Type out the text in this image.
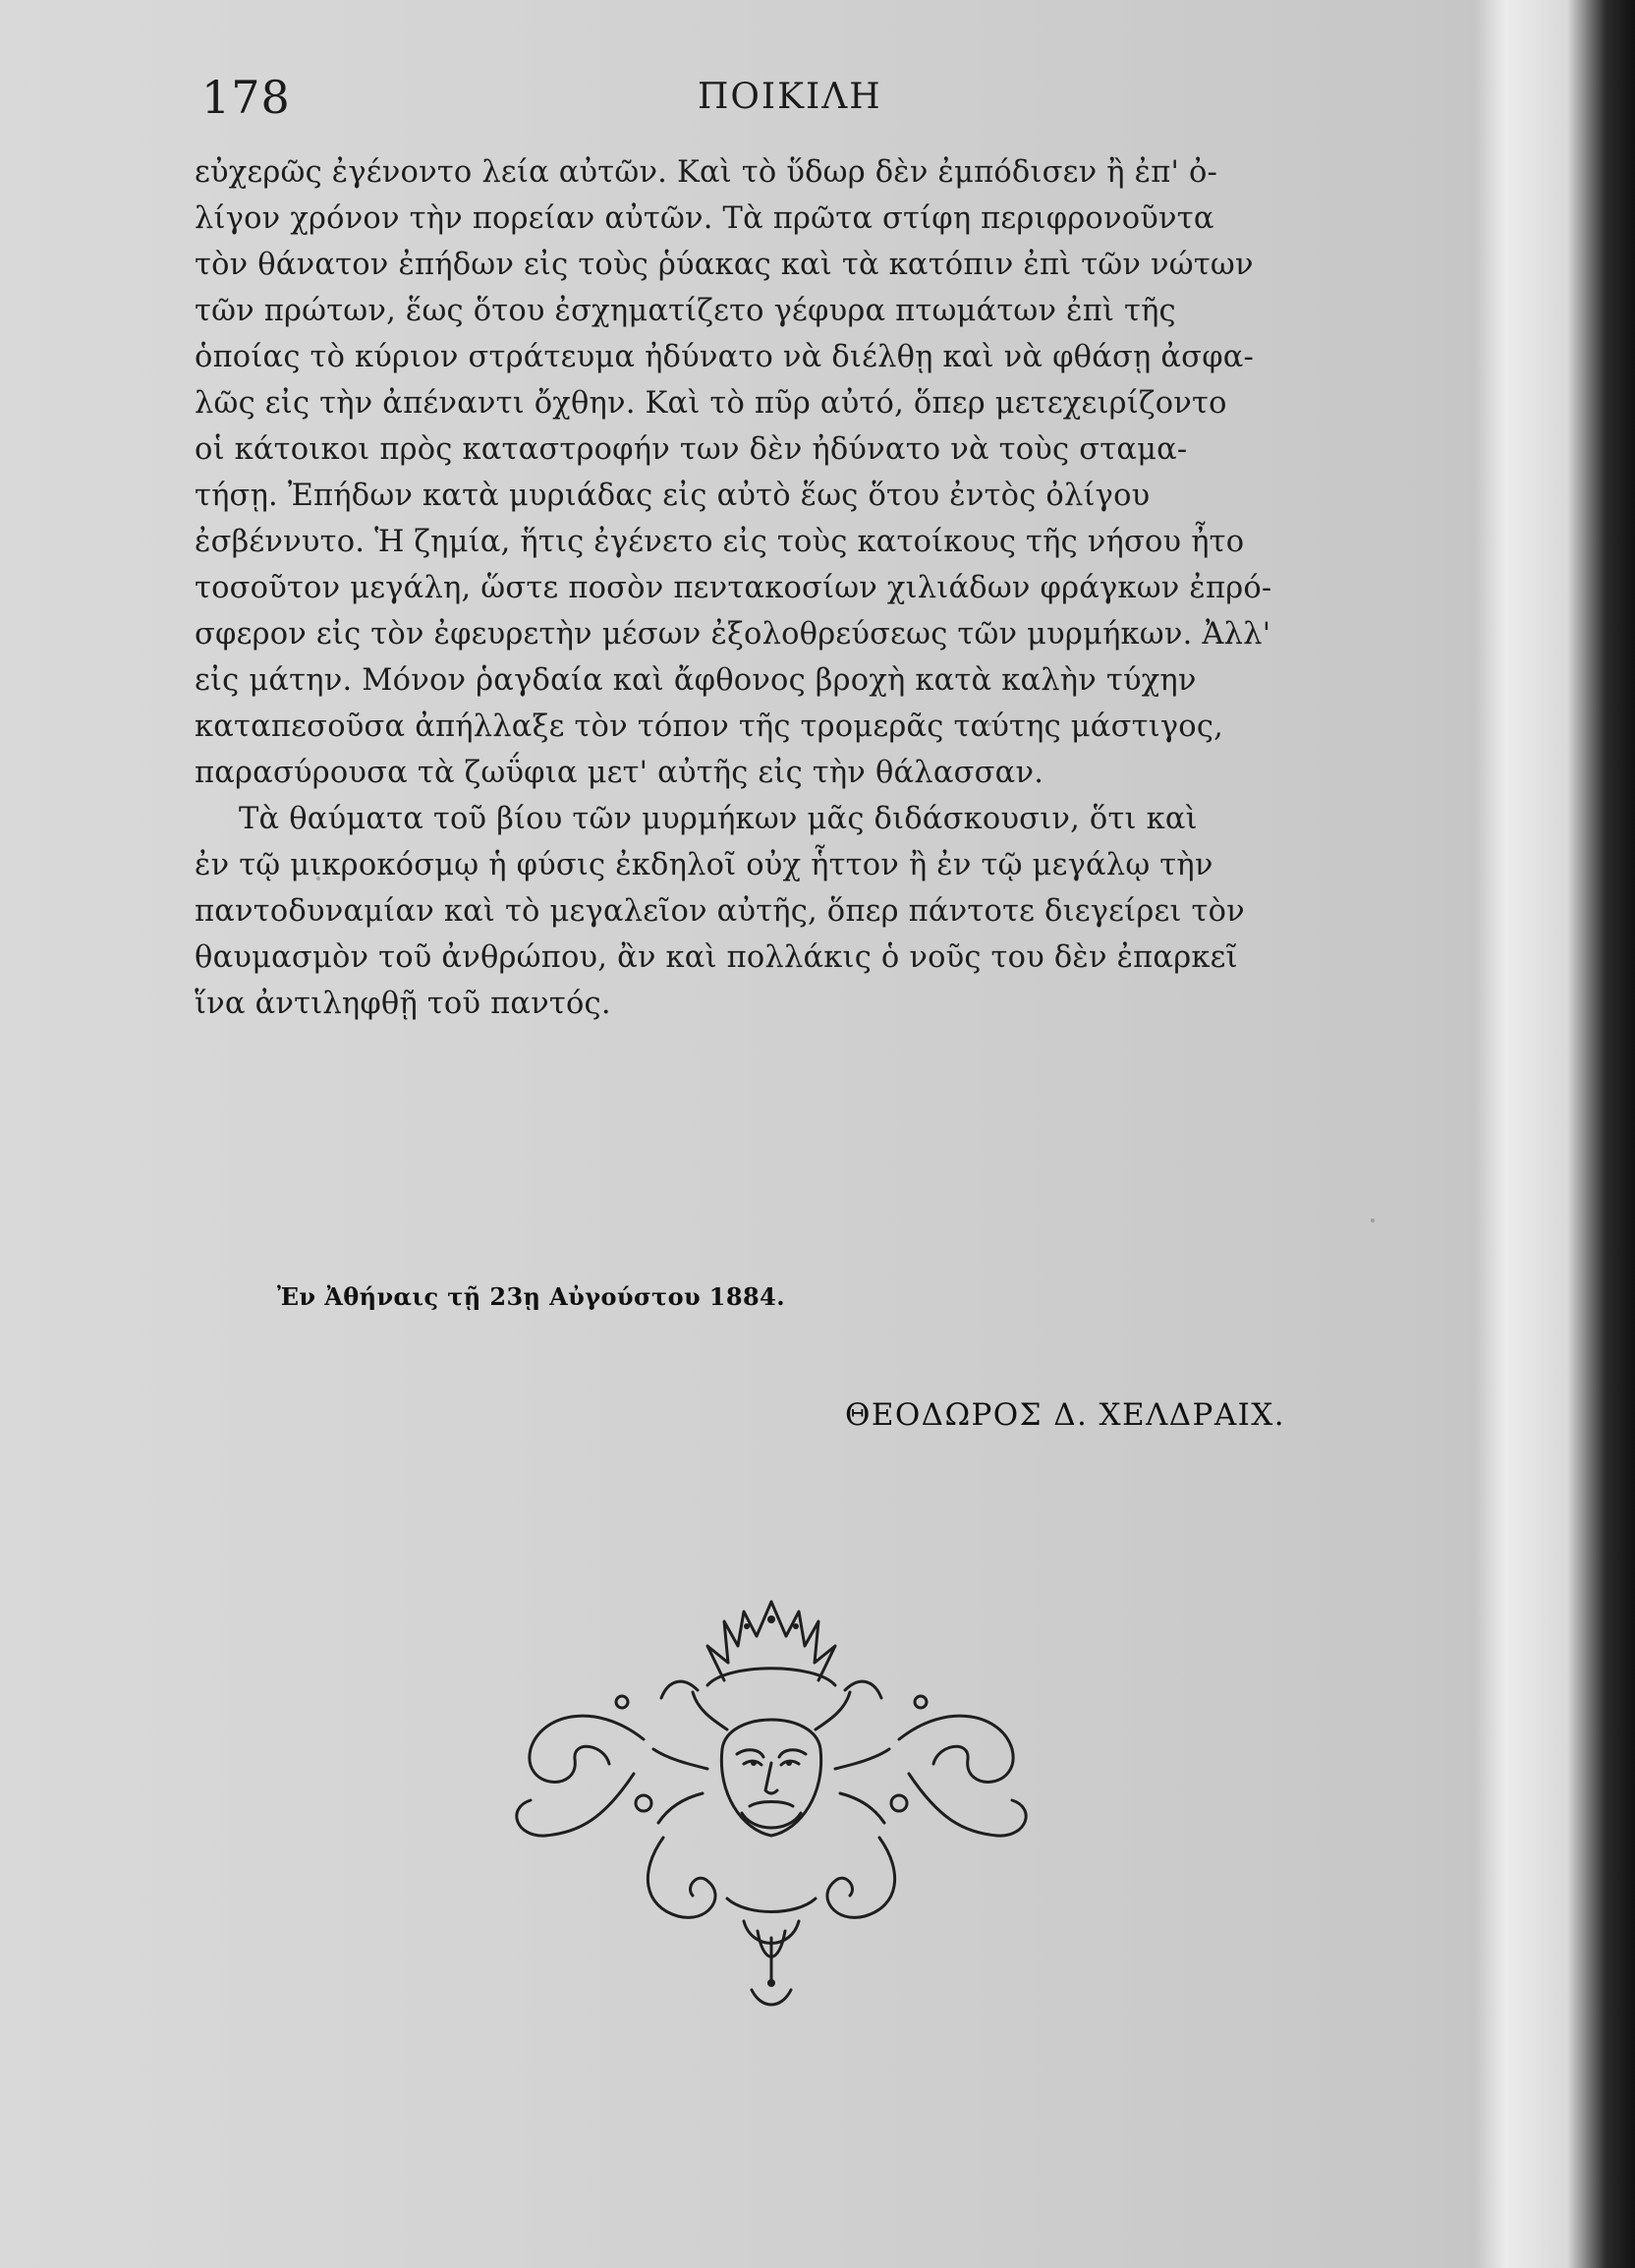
178	ΠΟΙΚΙΛΗ
εὐχερῶς ἐγένοντο λεία αὐτῶν. Καὶ τὸ ὕδωρ δὲν ἐμπόδισεν ἢ ἐπ' ὀ-
λίγον χρόνον τὴν πορείαν αὐτῶν. Τὰ πρῶτα στίφη περιφρονοῦντα
τὸν θάνατον ἐπήδων εἰς τοὺς ῥύακας καὶ τὰ κατόπιν ἐπὶ τῶν νώτων
τῶν πρώτων, ἕως ὅτου ἐσχηματίζετο γέφυρα πτωμάτων ἐπὶ τῆς
ὁποίας τὸ κύριον στράτευμα ἠδύνατο νὰ διέλθῃ καὶ νὰ φθάσῃ ἀσφα-
λῶς εἰς τὴν ἀπέναντι ὄχθην. Καὶ τὸ πῦρ αὐτό, ὅπερ μετεχειρίζοντο
οἱ κάτοικοι πρὸς καταστροφήν των δὲν ἠδύνατο νὰ τοὺς σταμα-
τήσῃ. Ἐπήδων κατὰ μυριάδας εἰς αὐτὸ ἕως ὅτου ἐντὸς ὀλίγου
ἐσβέννυτο. Ἡ ζημία, ἥτις ἐγένετο εἰς τοὺς κατοίκους τῆς νήσου ἦτο
τοσοῦτον μεγάλη, ὥστε ποσὸν πεντακοσίων χιλιάδων φράγκων ἐπρό-
σφερον εἰς τὸν ἐφευρετὴν μέσων ἐξολοθρεύσεως τῶν μυρμήκων. Ἀλλ'
εἰς μάτην. Μόνον ῥαγδαία καὶ ἄφθονος βροχὴ κατὰ καλὴν τύχην
καταπεσοῦσα ἀπήλλαξε τὸν τόπον τῆς τρομερᾶς ταύτης μάστιγος,
παρασύρουσα τὰ ζωΰφια μετ' αὐτῆς εἰς τὴν θάλασσαν.
Τὰ θαύματα τοῦ βίου τῶν μυρμήκων μᾶς διδάσκουσιν, ὅτι καὶ
ἐν τῷ μικροκόσμῳ ἡ φύσις ἐκδηλοῖ οὐχ ἧττον ἢ ἐν τῷ μεγάλῳ τὴν
παντοδυναμίαν καὶ τὸ μεγαλεῖον αὐτῆς, ὅπερ πάντοτε διεγείρει τὸν
θαυμασμὸν τοῦ ἀνθρώπου, ἂν καὶ πολλάκις ὁ νοῦς του δὲν ἐπαρκεῖ
ἵνα ἀντιληφθῇ τοῦ παντός.
Ἐν Ἀθήναις τῇ 23ῃ Αὐγούστου 1884.
ΘΕΟΔΩΡΟΣ Δ. ΧΕΛΔΡΑΙΧ.
